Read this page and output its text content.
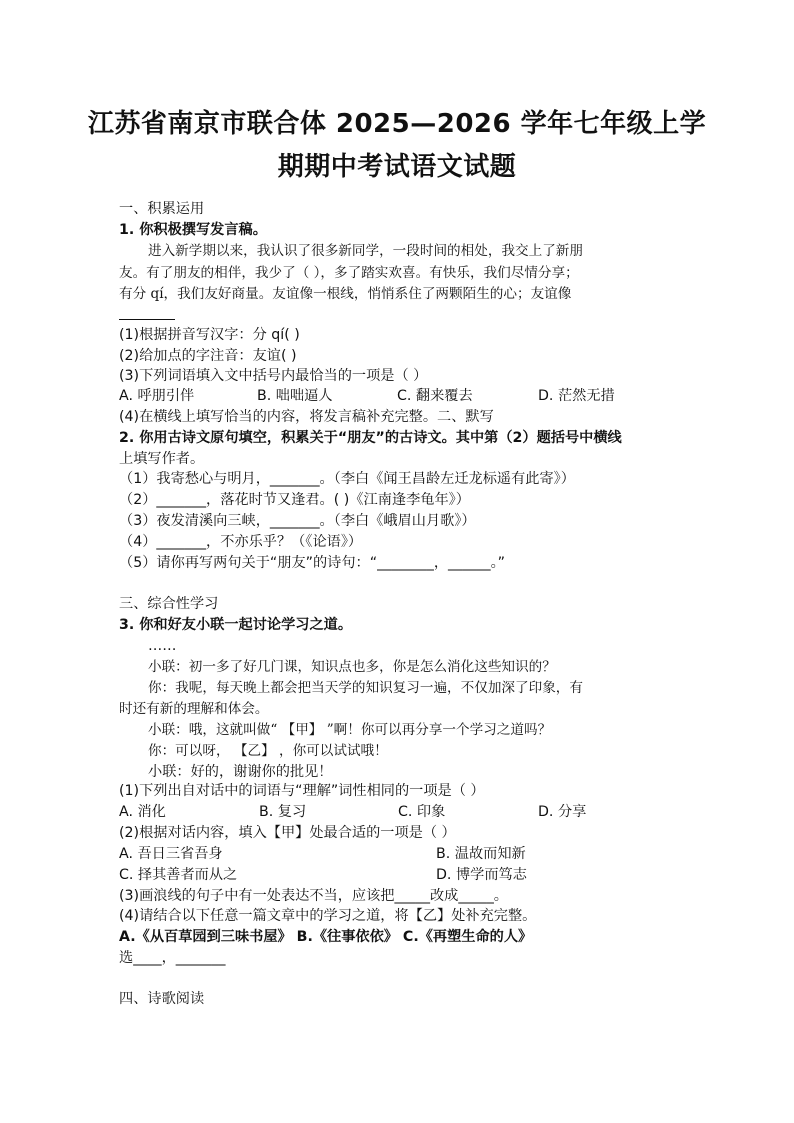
江苏省南京市联合体 2025—2026 学年七年级上学
期期中考试语文试题
一、积累运用
1. 你积极撰写发言稿。
进入新学期以来，我认识了很多新同学，一段时间的相处，我交上了新朋
友。有了朋友的相伴，我少了（ ），多了踏实欢喜。有快乐，我们尽情分享；
有分 qí，我们友好商量。友谊像一根线，悄悄系住了两颗陌生的心；友谊像
(1)根据拼音写汉字：分 qí( )
(2)给加点的字注音：友谊( )
(3)下列词语填入文中括号内最恰当的一项是（ ）
A. 呼朋引伴	B. 咄咄逼人	C. 翻来覆去	D. 茫然无措
(4)在横线上填写恰当的内容，将发言稿补充完整。二、默写
2. 你用古诗文原句填空，积累关于“朋友”的古诗文。其中第（2）题括号中横线
上填写作者。
（1）我寄愁心与明月，_______。（李白《闻王昌龄左迁龙标遥有此寄》）
（2）_______，落花时节又逢君。( )《江南逢李龟年》）
（3）夜发清溪向三峡，_______。（李白《峨眉山月歌》）
（4）_______，不亦乐乎？（《论语》）
（5）请你再写两句关于“朋友”的诗句：“________，______。”
三、综合性学习
3. 你和好友小联一起讨论学习之道。
……
小联：初一多了好几门课，知识点也多，你是怎么消化这些知识的？
你：我呢，每天晚上都会把当天学的知识复习一遍，不仅加深了印象，有
时还有新的理解和体会。
小联：哦，这就叫做“ 【甲】 ”啊！你可以再分享一个学习之道吗？
你：可以呀， 【乙】 ，你可以试试哦！
小联：好的，谢谢你的批见！
(1)下列出自对话中的词语与“理解”词性相同的一项是（ ）
A. 消化	B. 复习	C. 印象	D. 分享
(2)根据对话内容，填入【甲】处最合适的一项是（ ）
A. 吾日三省吾身	B. 温故而知新
C. 择其善者而从之	D. 博学而笃志
(3)画浪线的句子中有一处表达不当，应该把_____改成_____。
(4)请结合以下任意一篇文章中的学习之道，将【乙】处补充完整。
A.《从百草园到三味书屋》 B.《往事依依》 C.《再塑生命的人》
选____，_______
四、诗歌阅读
